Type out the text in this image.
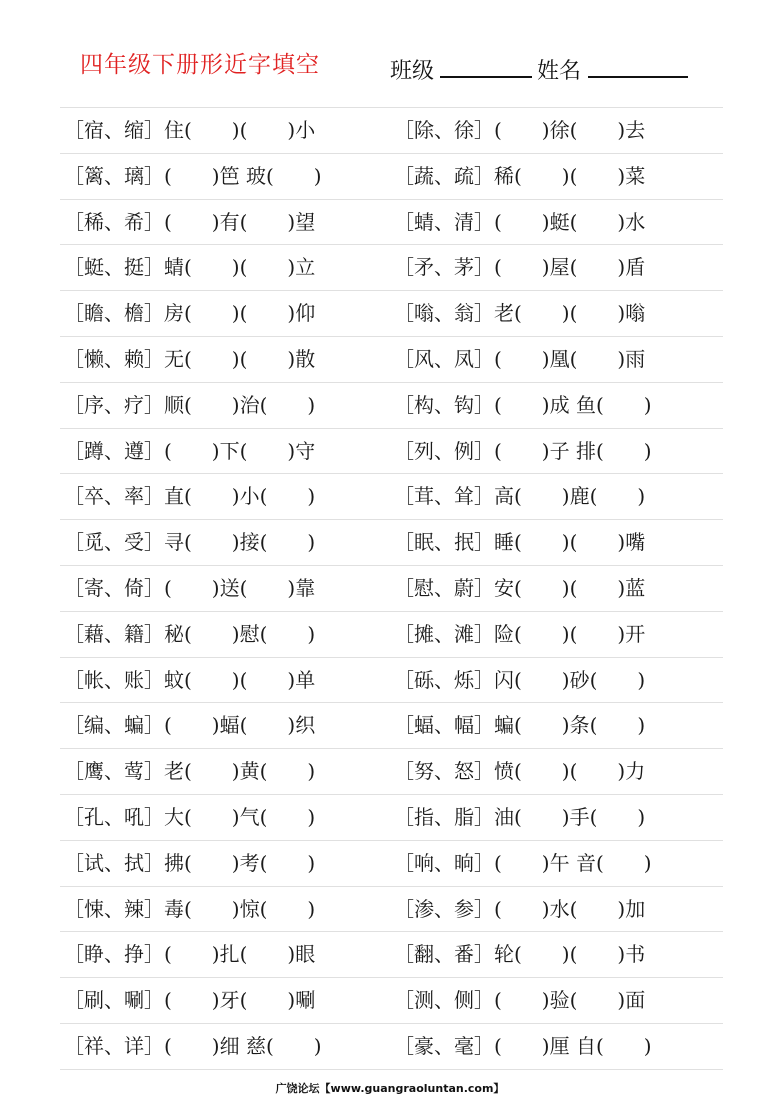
四年级下册形近字填空	班级	姓名
［宿、缩］住(　　)(　　)小	［除、徐］(　　)徐(　　)去
［篱、璃］(　　)笆 玻(　　)	［蔬、疏］稀(　　)(　　)菜
［稀、希］(　　)有(　　)望	［蜻、清］(　　)蜓(　　)水
［蜓、挺］蜻(　　)(　　)立	［矛、茅］(　　)屋(　　)盾
［瞻、檐］房(　　)(　　)仰	［嗡、翁］老(　　)(　　)嗡
［懒、赖］无(　　)(　　)散	［风、凤］(　　)凰(　　)雨
［序、疗］顺(　　)治(　　)	［构、钩］(　　)成 鱼(　　)
［蹲、遵］(　　)下(　　)守	［列、例］(　　)子 排(　　)
［卒、率］直(　　)小(　　)	［茸、耸］高(　　)鹿(　　)
［觅、受］寻(　　)接(　　)	［眠、抿］睡(　　)(　　)嘴
［寄、倚］(　　)送(　　)靠	［慰、蔚］安(　　)(　　)蓝
［藉、籍］秘(　　)慰(　　)	［摊、滩］险(　　)(　　)开
［帐、账］蚊(　　)(　　)单	［砾、烁］闪(　　)砂(　　)
［编、蝙］(　　)蝠(　　)织	［蝠、幅］蝙(　　)条(　　)
［鹰、莺］老(　　)黄(　　)	［努、怒］愤(　　)(　　)力
［孔、吼］大(　　)气(　　)	［指、脂］油(　　)手(　　)
［试、拭］拂(　　)考(　　)	［响、晌］(　　)午 音(　　)
［悚、辣］毒(　　)惊(　　)	［渗、参］(　　)水(　　)加
［睁、挣］(　　)扎(　　)眼	［翻、番］轮(　　)(　　)书
［刷、唰］(　　)牙(　　)唰	［测、侧］(　　)验(　　)面
［祥、详］(　　)细 慈(　　)	［豪、毫］(　　)厘 自(　　)
广饶论坛【www.guangraoluntan.com】
